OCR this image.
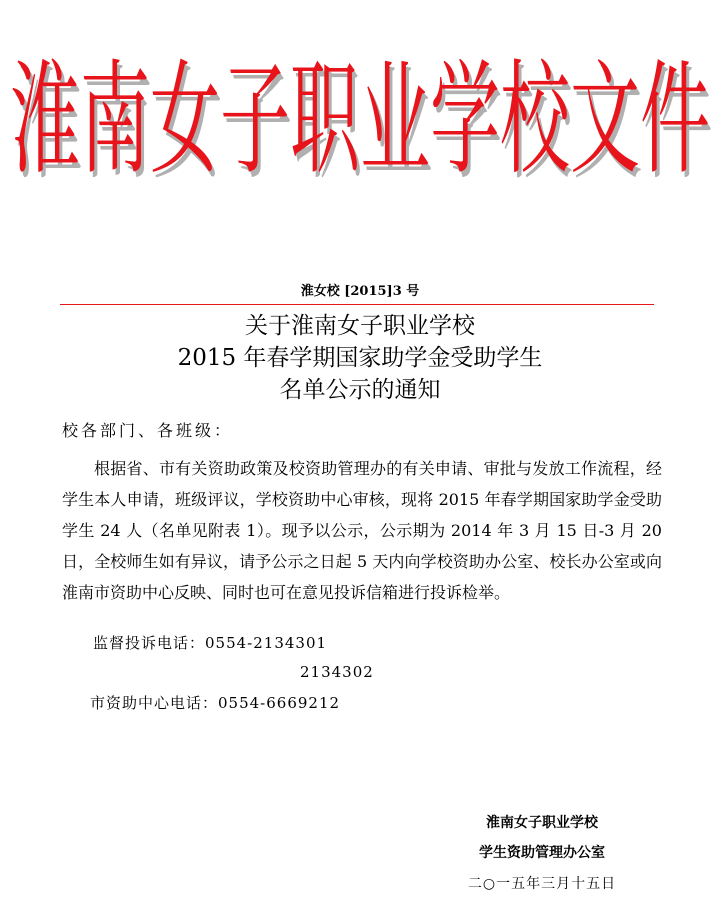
淮南女子职业学校文件
淮女校 [2015]3 号
关于淮南女子职业学校
2015 年春学期国家助学金受助学生
名单公示的通知
校各部门、各班级：

根据省、市有关资助政策及校资助管理办的有关申请、审批与发放工作流程，经学生本人申请，班级评议，学校资助中心审核，现将 2015 年春学期国家助学金受助学生 24 人（名单见附表 1）。现予以公示，公示期为 2014 年 3 月 15 日-3 月 20 日，全校师生如有异议，请予公示之日起 5 天内向学校资助办公室、校长办公室或向淮南市资助中心反映、同时也可在意见投诉信箱进行投诉检举。

监督投诉电话：0554-2134301
2134302
市资助中心电话：0554-6669212
淮南女子职业学校
学生资助管理办公室
二○一五年三月十五日
